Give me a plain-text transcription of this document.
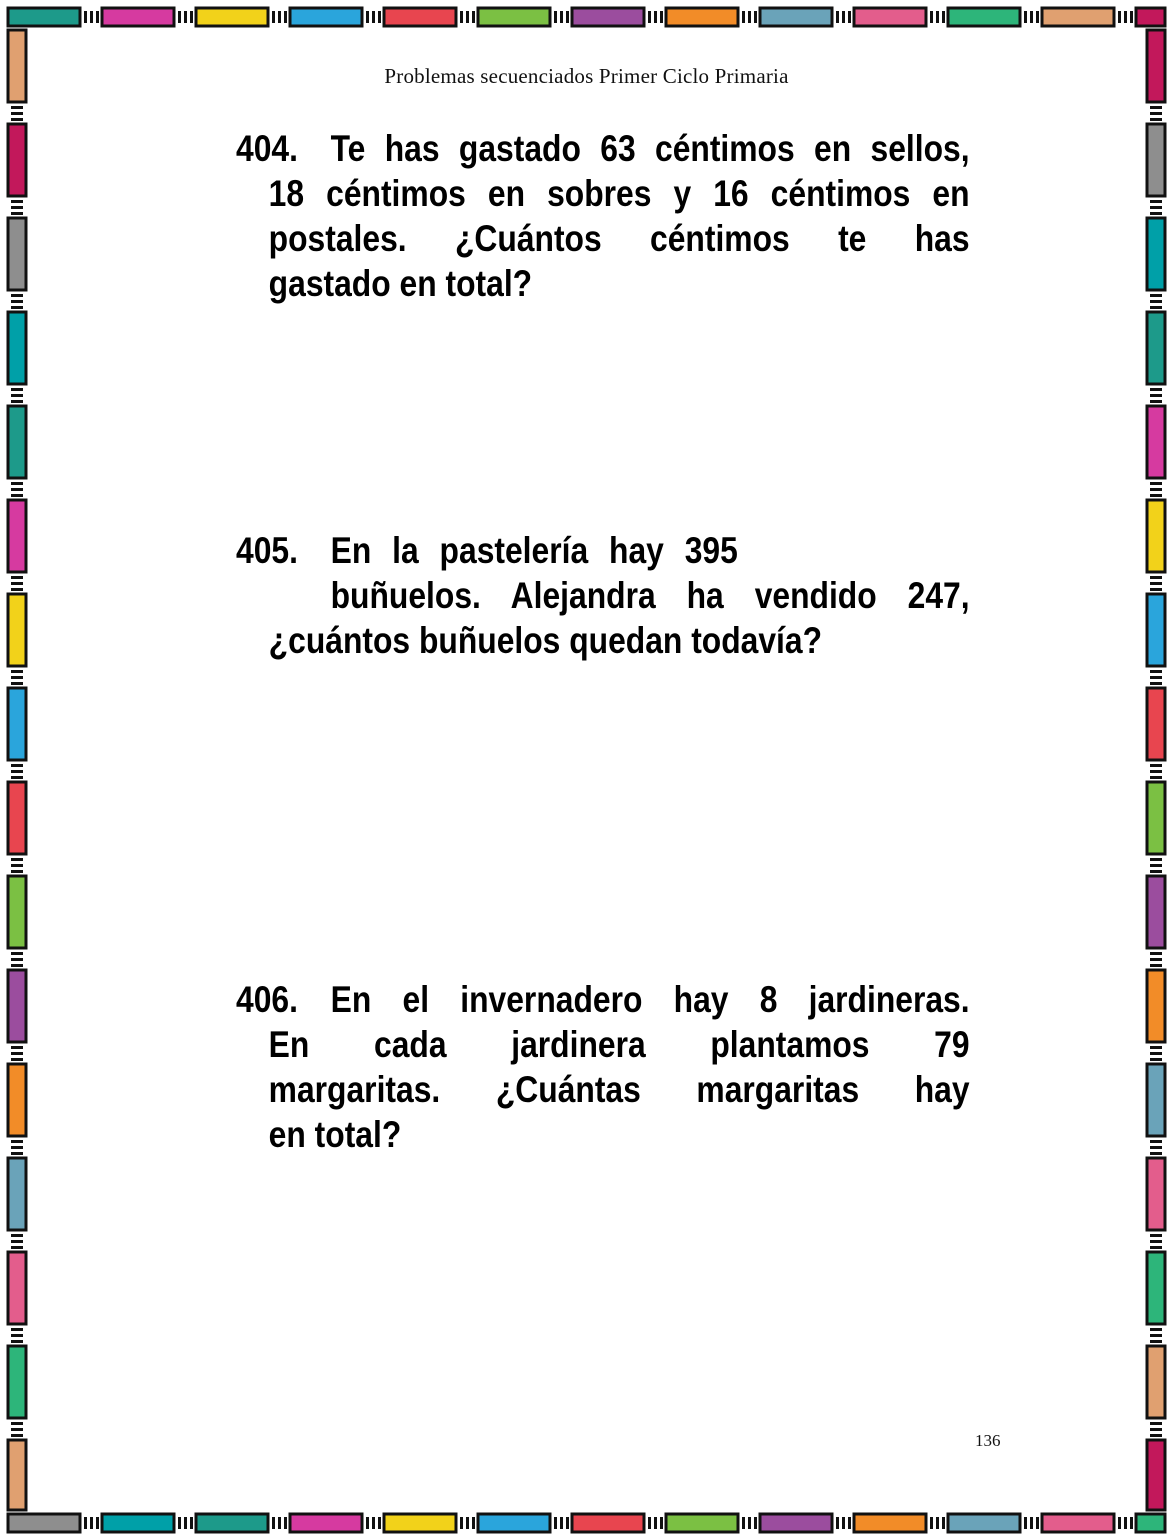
Problemas secuenciados Primer Ciclo Primaria
404. Te has gastado 63 céntimos en sellos,
18 céntimos en sobres y 16 céntimos en
postales. ¿Cuántos céntimos te has
gastado en total?
405. En la pastelería hay 395
buñuelos. Alejandra ha vendido 247,
¿cuántos buñuelos quedan todavía?
406. En el invernadero hay 8 jardineras.
En cada jardinera plantamos 79
margaritas. ¿Cuántas margaritas hay
en total?
136
